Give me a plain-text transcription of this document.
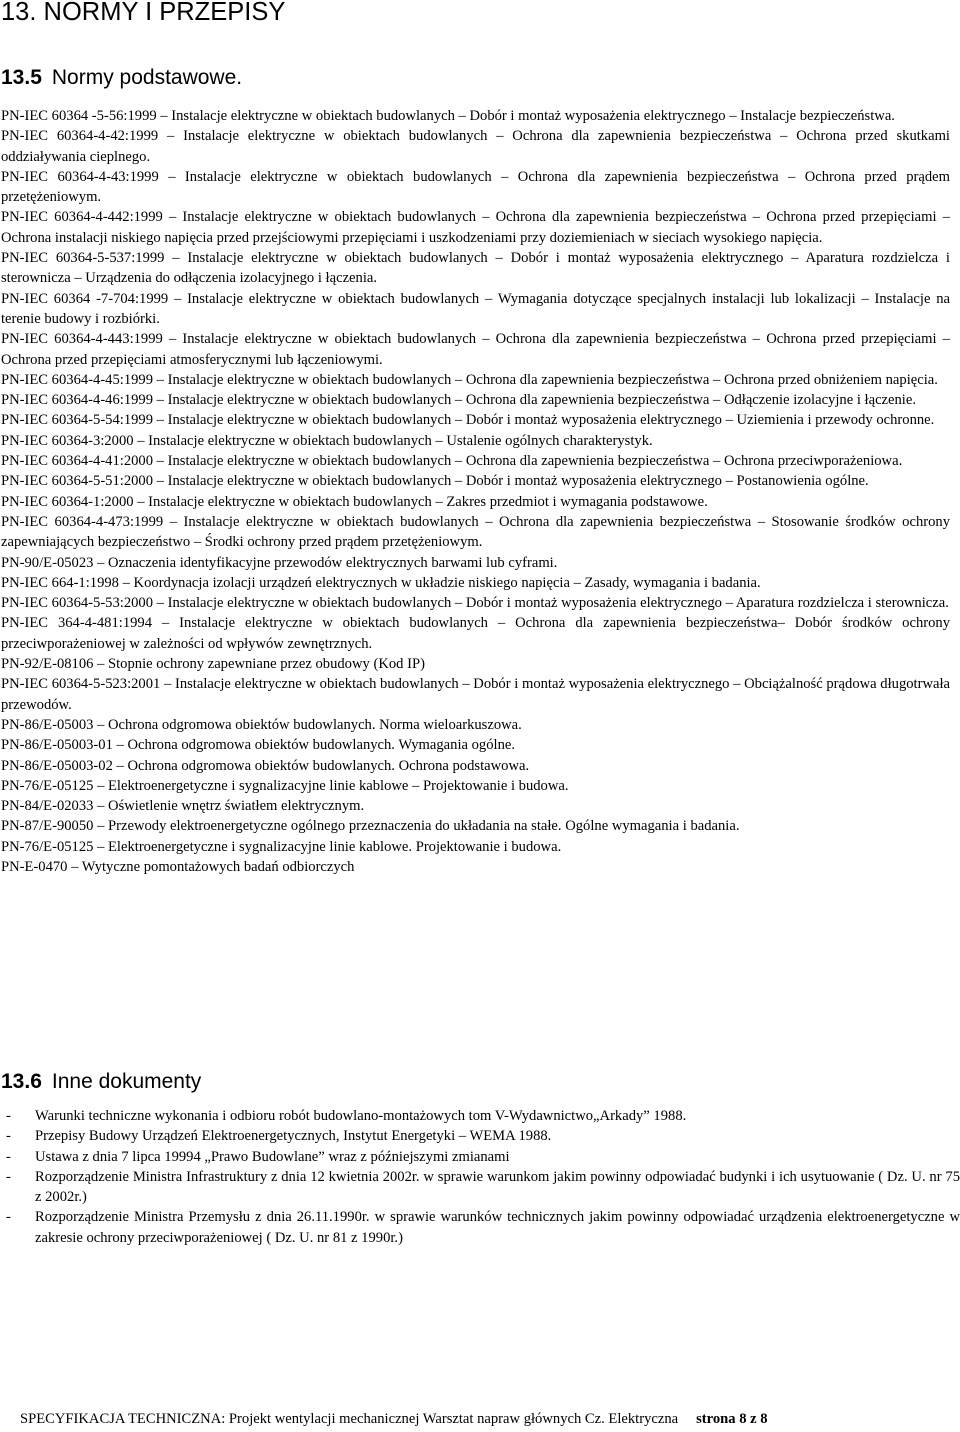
13. NORMY I PRZEPISY
13.5 Normy podstawowe.

PN-IEC 60364 -5-56:1999 – Instalacje elektryczne w obiektach budowlanych – Dobór i montaż wyposażenia elektrycznego – Instalacje bezpieczeństwa.

PN-IEC 60364-4-42:1999 – Instalacje elektryczne w obiektach budowlanych – Ochrona dla zapewnienia bezpieczeństwa – Ochrona przed skutkami oddziaływania cieplnego.

PN-IEC 60364-4-43:1999 – Instalacje elektryczne w obiektach budowlanych – Ochrona dla zapewnienia bezpieczeństwa – Ochrona przed prądem przetężeniowym.

PN-IEC 60364-4-442:1999 – Instalacje elektryczne w obiektach budowlanych – Ochrona dla zapewnienia bezpieczeństwa – Ochrona przed przepięciami – Ochrona instalacji niskiego napięcia przed przejściowymi przepięciami i uszkodzeniami przy doziemieniach w sieciach wysokiego napięcia.

PN-IEC 60364-5-537:1999 – Instalacje elektryczne w obiektach budowlanych – Dobór i montaż wyposażenia elektrycznego – Aparatura rozdzielcza i sterownicza – Urządzenia do odłączenia izolacyjnego i łączenia.

PN-IEC 60364 -7-704:1999 – Instalacje elektryczne w obiektach budowlanych – Wymagania dotyczące specjalnych instalacji lub lokalizacji – Instalacje na terenie budowy i rozbiórki.

PN-IEC 60364-4-443:1999 – Instalacje elektryczne w obiektach budowlanych – Ochrona dla zapewnienia bezpieczeństwa – Ochrona przed przepięciami – Ochrona przed przepięciami atmosferycznymi lub łączeniowymi.

PN-IEC 60364-4-45:1999 – Instalacje elektryczne w obiektach budowlanych – Ochrona dla zapewnienia bezpieczeństwa – Ochrona przed obniżeniem napięcia.

PN-IEC 60364-4-46:1999 – Instalacje elektryczne w obiektach budowlanych – Ochrona dla zapewnienia bezpieczeństwa – Odłączenie izolacyjne i łączenie.

PN-IEC 60364-5-54:1999 – Instalacje elektryczne w obiektach budowlanych – Dobór i montaż wyposażenia elektrycznego – Uziemienia i przewody ochronne.

PN-IEC 60364-3:2000 – Instalacje elektryczne w obiektach budowlanych – Ustalenie ogólnych charakterystyk.

PN-IEC 60364-4-41:2000 – Instalacje elektryczne w obiektach budowlanych – Ochrona dla zapewnienia bezpieczeństwa – Ochrona przeciwporażeniowa.

PN-IEC 60364-5-51:2000 – Instalacje elektryczne w obiektach budowlanych – Dobór i montaż wyposażenia elektrycznego – Postanowienia ogólne.

PN-IEC 60364-1:2000 – Instalacje elektryczne w obiektach budowlanych – Zakres przedmiot i wymagania podstawowe.

PN-IEC 60364-4-473:1999 – Instalacje elektryczne w obiektach budowlanych – Ochrona dla zapewnienia bezpieczeństwa – Stosowanie środków ochrony zapewniających bezpieczeństwo – Środki ochrony przed prądem przetężeniowym.

PN-90/E-05023 – Oznaczenia identyfikacyjne przewodów elektrycznych barwami lub cyframi.

PN-IEC 664-1:1998 – Koordynacja izolacji urządzeń elektrycznych w układzie niskiego napięcia – Zasady, wymagania i badania.

PN-IEC 60364-5-53:2000 – Instalacje elektryczne w obiektach budowlanych – Dobór i montaż wyposażenia elektrycznego – Aparatura rozdzielcza i sterownicza.

PN-IEC 364-4-481:1994 – Instalacje elektryczne w obiektach budowlanych – Ochrona dla zapewnienia bezpieczeństwa– Dobór środków ochrony przeciwporażeniowej w zależności od wpływów zewnętrznych.

PN-92/E-08106 – Stopnie ochrony zapewniane przez obudowy (Kod IP)

PN-IEC 60364-5-523:2001 – Instalacje elektryczne w obiektach budowlanych – Dobór i montaż wyposażenia elektrycznego – Obciążalność prądowa długotrwała przewodów.

PN-86/E-05003 – Ochrona odgromowa obiektów budowlanych. Norma wieloarkuszowa.

PN-86/E-05003-01 – Ochrona odgromowa obiektów budowlanych. Wymagania ogólne.

PN-86/E-05003-02 – Ochrona odgromowa obiektów budowlanych. Ochrona podstawowa.

PN-76/E-05125 – Elektroenergetyczne i sygnalizacyjne linie kablowe – Projektowanie i budowa.

PN-84/E-02033 – Oświetlenie wnętrz światłem elektrycznym.

PN-87/E-90050 – Przewody elektroenergetyczne ogólnego przeznaczenia do układania na stałe. Ogólne wymagania i badania.

PN-76/E-05125 – Elektroenergetyczne i sygnalizacyjne linie kablowe. Projektowanie i budowa.

PN-E-0470 – Wytyczne pomontażowych badań odbiorczych

13.6 Inne dokumenty
- Warunki techniczne wykonania i odbioru robót budowlano-montażowych tom V-Wydawnictwo„Arkady” 1988.
- Przepisy Budowy Urządzeń Elektroenergetycznych, Instytut Energetyki – WEMA 1988.
- Ustawa z dnia 7 lipca 19994 „Prawo Budowlane” wraz z późniejszymi zmianami
- Rozporządzenie Ministra Infrastruktury z dnia 12 kwietnia 2002r. w sprawie warunkom jakim powinny odpowiadać budynki i ich usytuowanie ( Dz. U. nr 75 z 2002r.)
- Rozporządzenie Ministra Przemysłu z dnia 26.11.1990r. w sprawie warunków technicznych jakim powinny odpowiadać urządzenia elektroenergetyczne w zakresie ochrony przeciwporażeniowej ( Dz. U. nr 81 z 1990r.)
SPECYFIKACJA TECHNICZNA: Projekt wentylacji mechanicznej Warsztat napraw głównych Cz. Elektryczna strona 8 z 8
